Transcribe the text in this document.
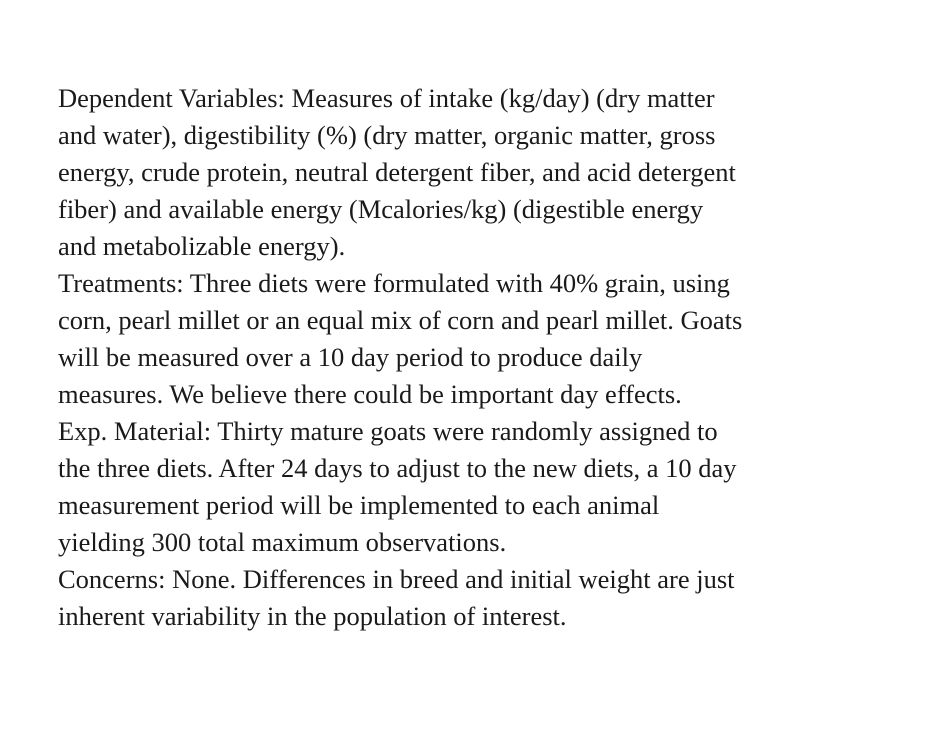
Dependent Variables: Measures of intake (kg/day) (dry matter
and water), digestibility (%) (dry matter, organic matter, gross
energy, crude protein, neutral detergent fiber, and acid detergent
fiber) and available energy (Mcalories/kg) (digestible energy
and metabolizable energy).
Treatments: Three diets were formulated with 40% grain, using
corn, pearl millet or an equal mix of corn and pearl millet. Goats
will be measured over a 10 day period to produce daily
measures. We believe there could be important day effects.
Exp. Material: Thirty mature goats were randomly assigned to
the three diets. After 24 days to adjust to the new diets, a 10 day
measurement period will be implemented to each animal
yielding 300 total maximum observations.
Concerns: None. Differences in breed and initial weight are just
inherent variability in the population of interest.
